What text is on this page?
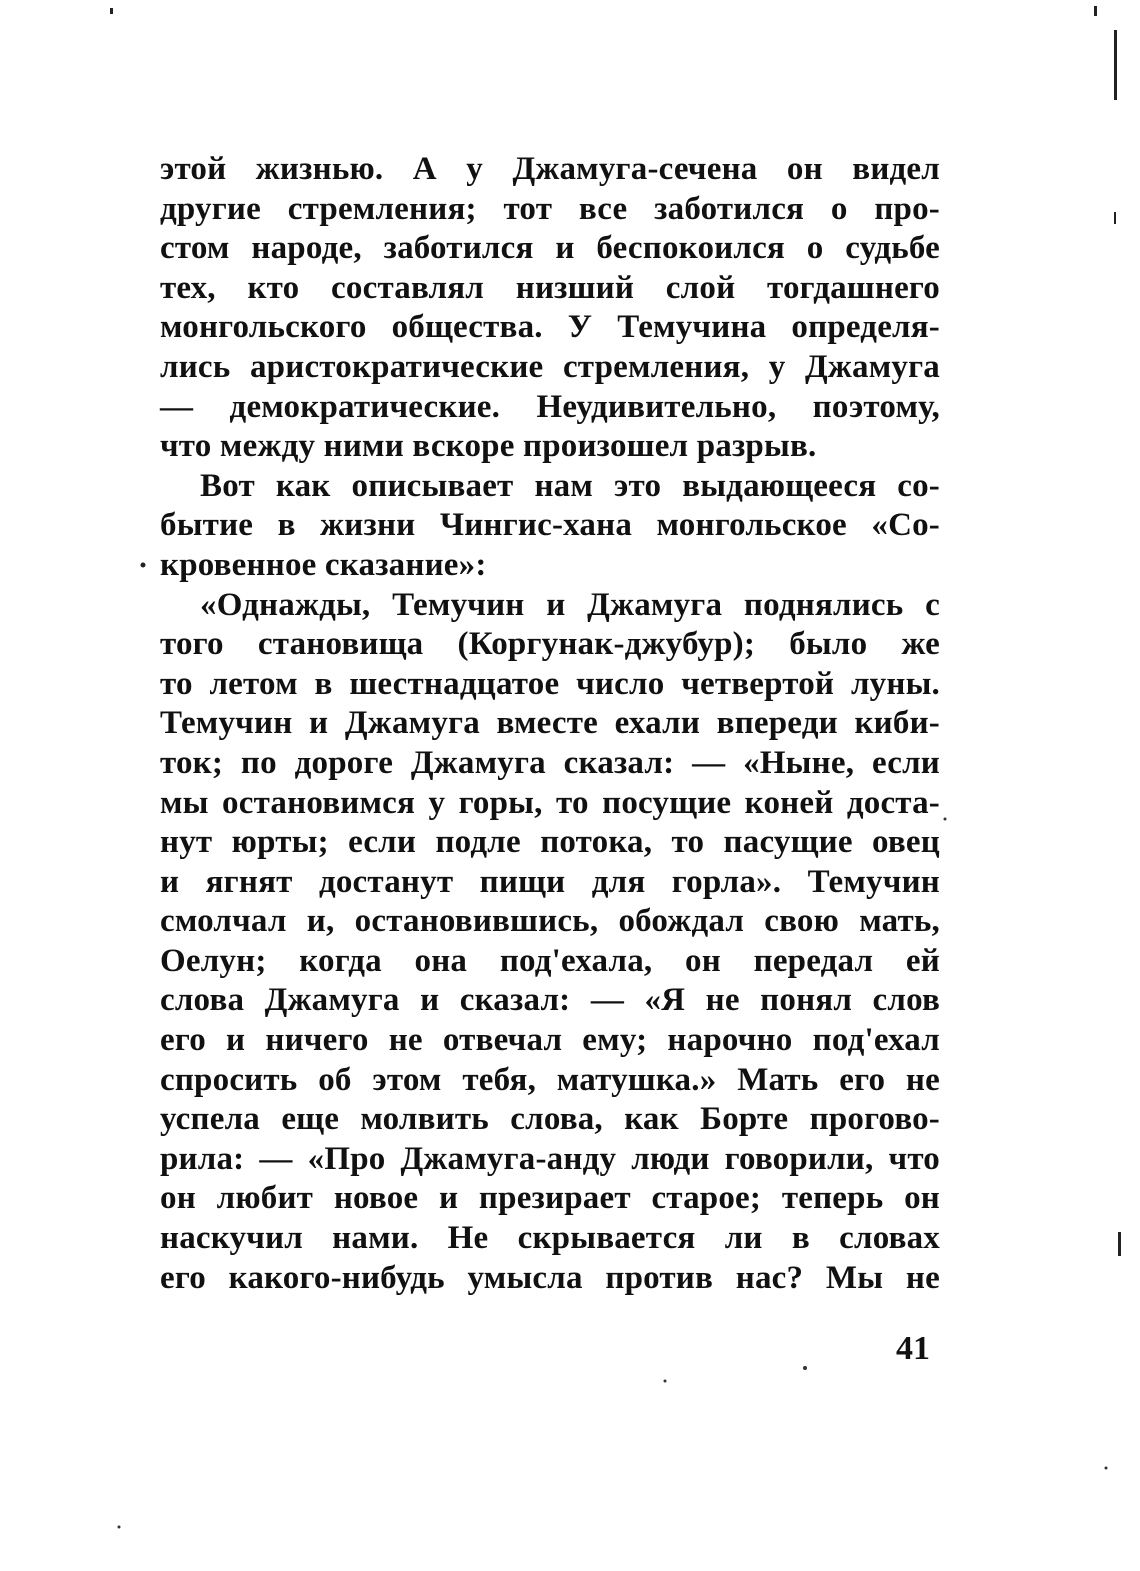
этой жизнью. А у Джамуга-сечена он видел
другие стремления; тот все заботился о про-
стом народе, заботился и беспокоился о судьбе
тех, кто составлял низший слой тогдашнего
монгольского общества. У Темучина определя-
лись аристократические стремления, у Джамуга
— демократические. Неудивительно, поэтому,
что между ними вскоре произошел разрыв.
Вот как описывает нам это выдающееся со-
бытие в жизни Чингис-хана монгольское «Со-
кровенное сказание»:
«Однажды, Темучин и Джамуга поднялись с
того становища (Коргунак-джубур); было же
то летом в шестнадцатое число четвертой луны.
Темучин и Джамуга вместе ехали впереди киби-
ток; по дороге Джамуга сказал: — «Ныне, если
мы остановимся у горы, то посущие коней доста-
нут юрты; если подле потока, то пасущие овец
и ягнят достанут пищи для горла». Темучин
смолчал и, остановившись, обождал свою мать,
Оелун; когда она под'ехала, он передал ей
слова Джамуга и сказал: — «Я не понял слов
его и ничего не отвечал ему; нарочно под'ехал
спросить об этом тебя, матушка.» Мать его не
успела еще молвить слова, как Борте прогово-
рила: — «Про Джамуга-анду люди говорили, что
он любит новое и презирает старое; теперь он
наскучил нами. Не скрывается ли в словах
его какого-нибудь умысла против нас? Мы не
41
